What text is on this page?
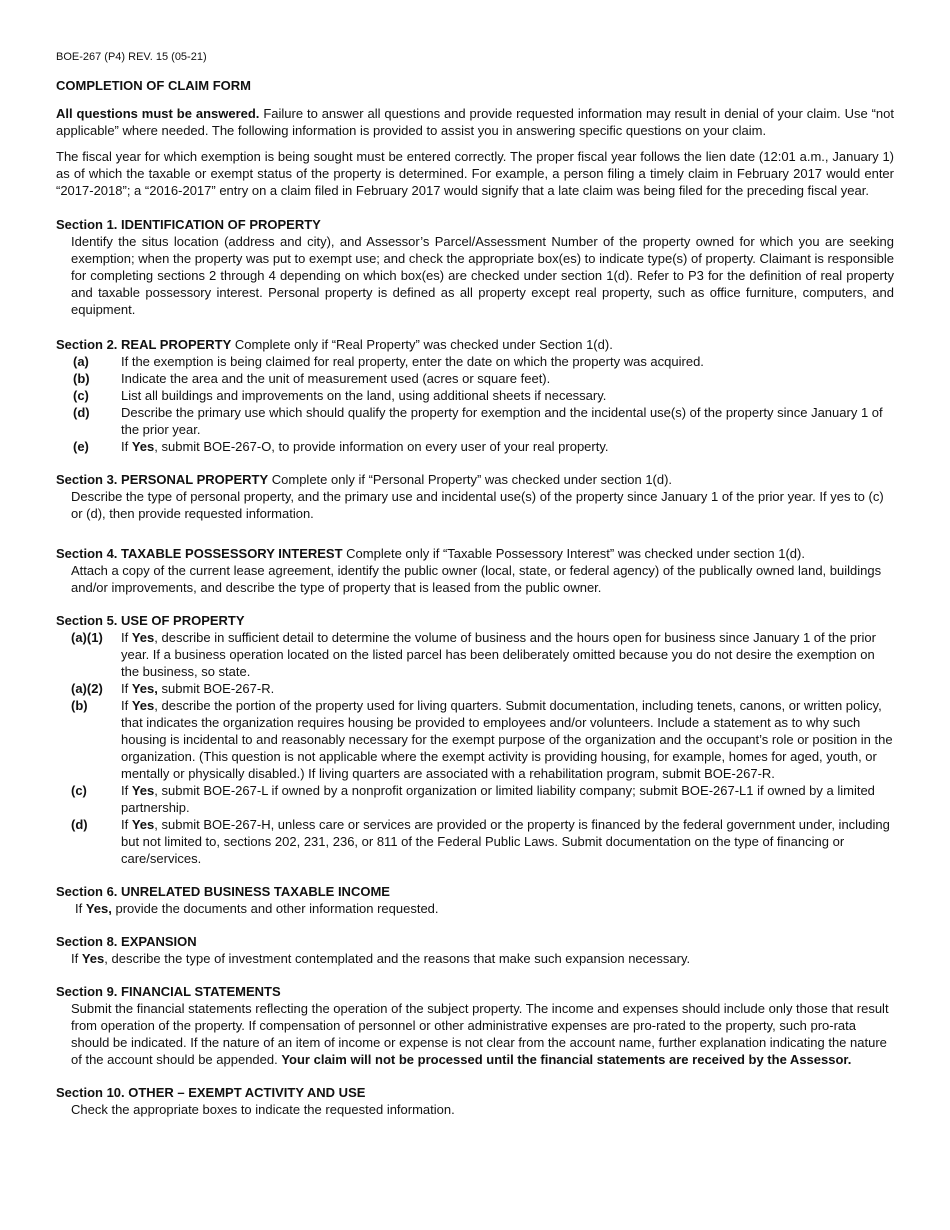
BOE-267 (P4) REV. 15 (05-21)
COMPLETION OF CLAIM FORM

All questions must be answered. Failure to answer all questions and provide requested information may result in denial of your claim. Use “not applicable” where needed. The following information is provided to assist you in answering specific questions on your claim.

The fiscal year for which exemption is being sought must be entered correctly. The proper fiscal year follows the lien date (12:01 a.m., January 1) as of which the taxable or exempt status of the property is determined. For example, a person filing a timely claim in February 2017 would enter “2017-2018”; a “2016-2017” entry on a claim filed in February 2017 would signify that a late claim was being filed for the preceding fiscal year.

Section 1. IDENTIFICATION OF PROPERTY

Identify the situs location (address and city), and Assessor’s Parcel/Assessment Number of the property owned for which you are seeking exemption; when the property was put to exempt use; and check the appropriate box(es) to indicate type(s) of property. Claimant is responsible for completing sections 2 through 4 depending on which box(es) are checked under section 1(d). Refer to P3 for the definition of real property and taxable possessory interest. Personal property is defined as all property except real property, such as office furniture, computers, and equipment.

Section 2. REAL PROPERTY Complete only if “Real Property” was checked under Section 1(d).

(a)	If the exemption is being claimed for real property, enter the date on which the property was acquired.
(b)	Indicate the area and the unit of measurement used (acres or square feet).
(c)	List all buildings and improvements on the land, using additional sheets if necessary.
(d)	Describe the primary use which should qualify the property for exemption and the incidental use(s) of the property since January 1 of the prior year.
(e)	If Yes, submit BOE-267-O, to provide information on every user of your real property.

Section 3. PERSONAL PROPERTY Complete only if “Personal Property” was checked under section 1(d).

Describe the type of personal property, and the primary use and incidental use(s) of the property since January 1 of the prior year. If yes to (c) or (d), then provide requested information.

Section 4. TAXABLE POSSESSORY INTEREST Complete only if “Taxable Possessory Interest” was checked under section 1(d).

Attach a copy of the current lease agreement, identify the public owner (local, state, or federal agency) of the publically owned land, buildings and/or improvements, and describe the type of property that is leased from the public owner.

Section 5. USE OF PROPERTY

(a)(1)	If Yes, describe in sufficient detail to determine the volume of business and the hours open for business since January 1 of the prior year. If a business operation located on the listed parcel has been deliberately omitted because you do not desire the exemption on the business, so state.
(a)(2)	If Yes, submit BOE-267-R.
(b)	If Yes, describe the portion of the property used for living quarters. Submit documentation, including tenets, canons, or written policy, that indicates the organization requires housing be provided to employees and/or volunteers. Include a statement as to why such housing is incidental to and reasonably necessary for the exempt purpose of the organization and the occupant’s role or position in the organization. (This question is not applicable where the exempt activity is providing housing, for example, homes for aged, youth, or mentally or physically disabled.) If living quarters are associated with a rehabilitation program, submit BOE-267-R.
(c)	If Yes, submit BOE-267-L if owned by a nonprofit organization or limited liability company; submit BOE-267-L1 if owned by a limited partnership.
(d)	If Yes, submit BOE-267-H, unless care or services are provided or the property is financed by the federal government under, including but not limited to, sections 202, 231, 236, or 811 of the Federal Public Laws. Submit documentation on the type of financing or care/services.

Section 6. UNRELATED BUSINESS TAXABLE INCOME

If Yes, provide the documents and other information requested.

Section 8. EXPANSION

If Yes, describe the type of investment contemplated and the reasons that make such expansion necessary.

Section 9. FINANCIAL STATEMENTS

Submit the financial statements reflecting the operation of the subject property. The income and expenses should include only those that result from operation of the property. If compensation of personnel or other administrative expenses are pro-rated to the property, such pro-rata should be indicated. If the nature of an item of income or expense is not clear from the account name, further explanation indicating the nature of the account should be appended. Your claim will not be processed until the financial statements are received by the Assessor.

Section 10. OTHER – EXEMPT ACTIVITY AND USE

Check the appropriate boxes to indicate the requested information.
